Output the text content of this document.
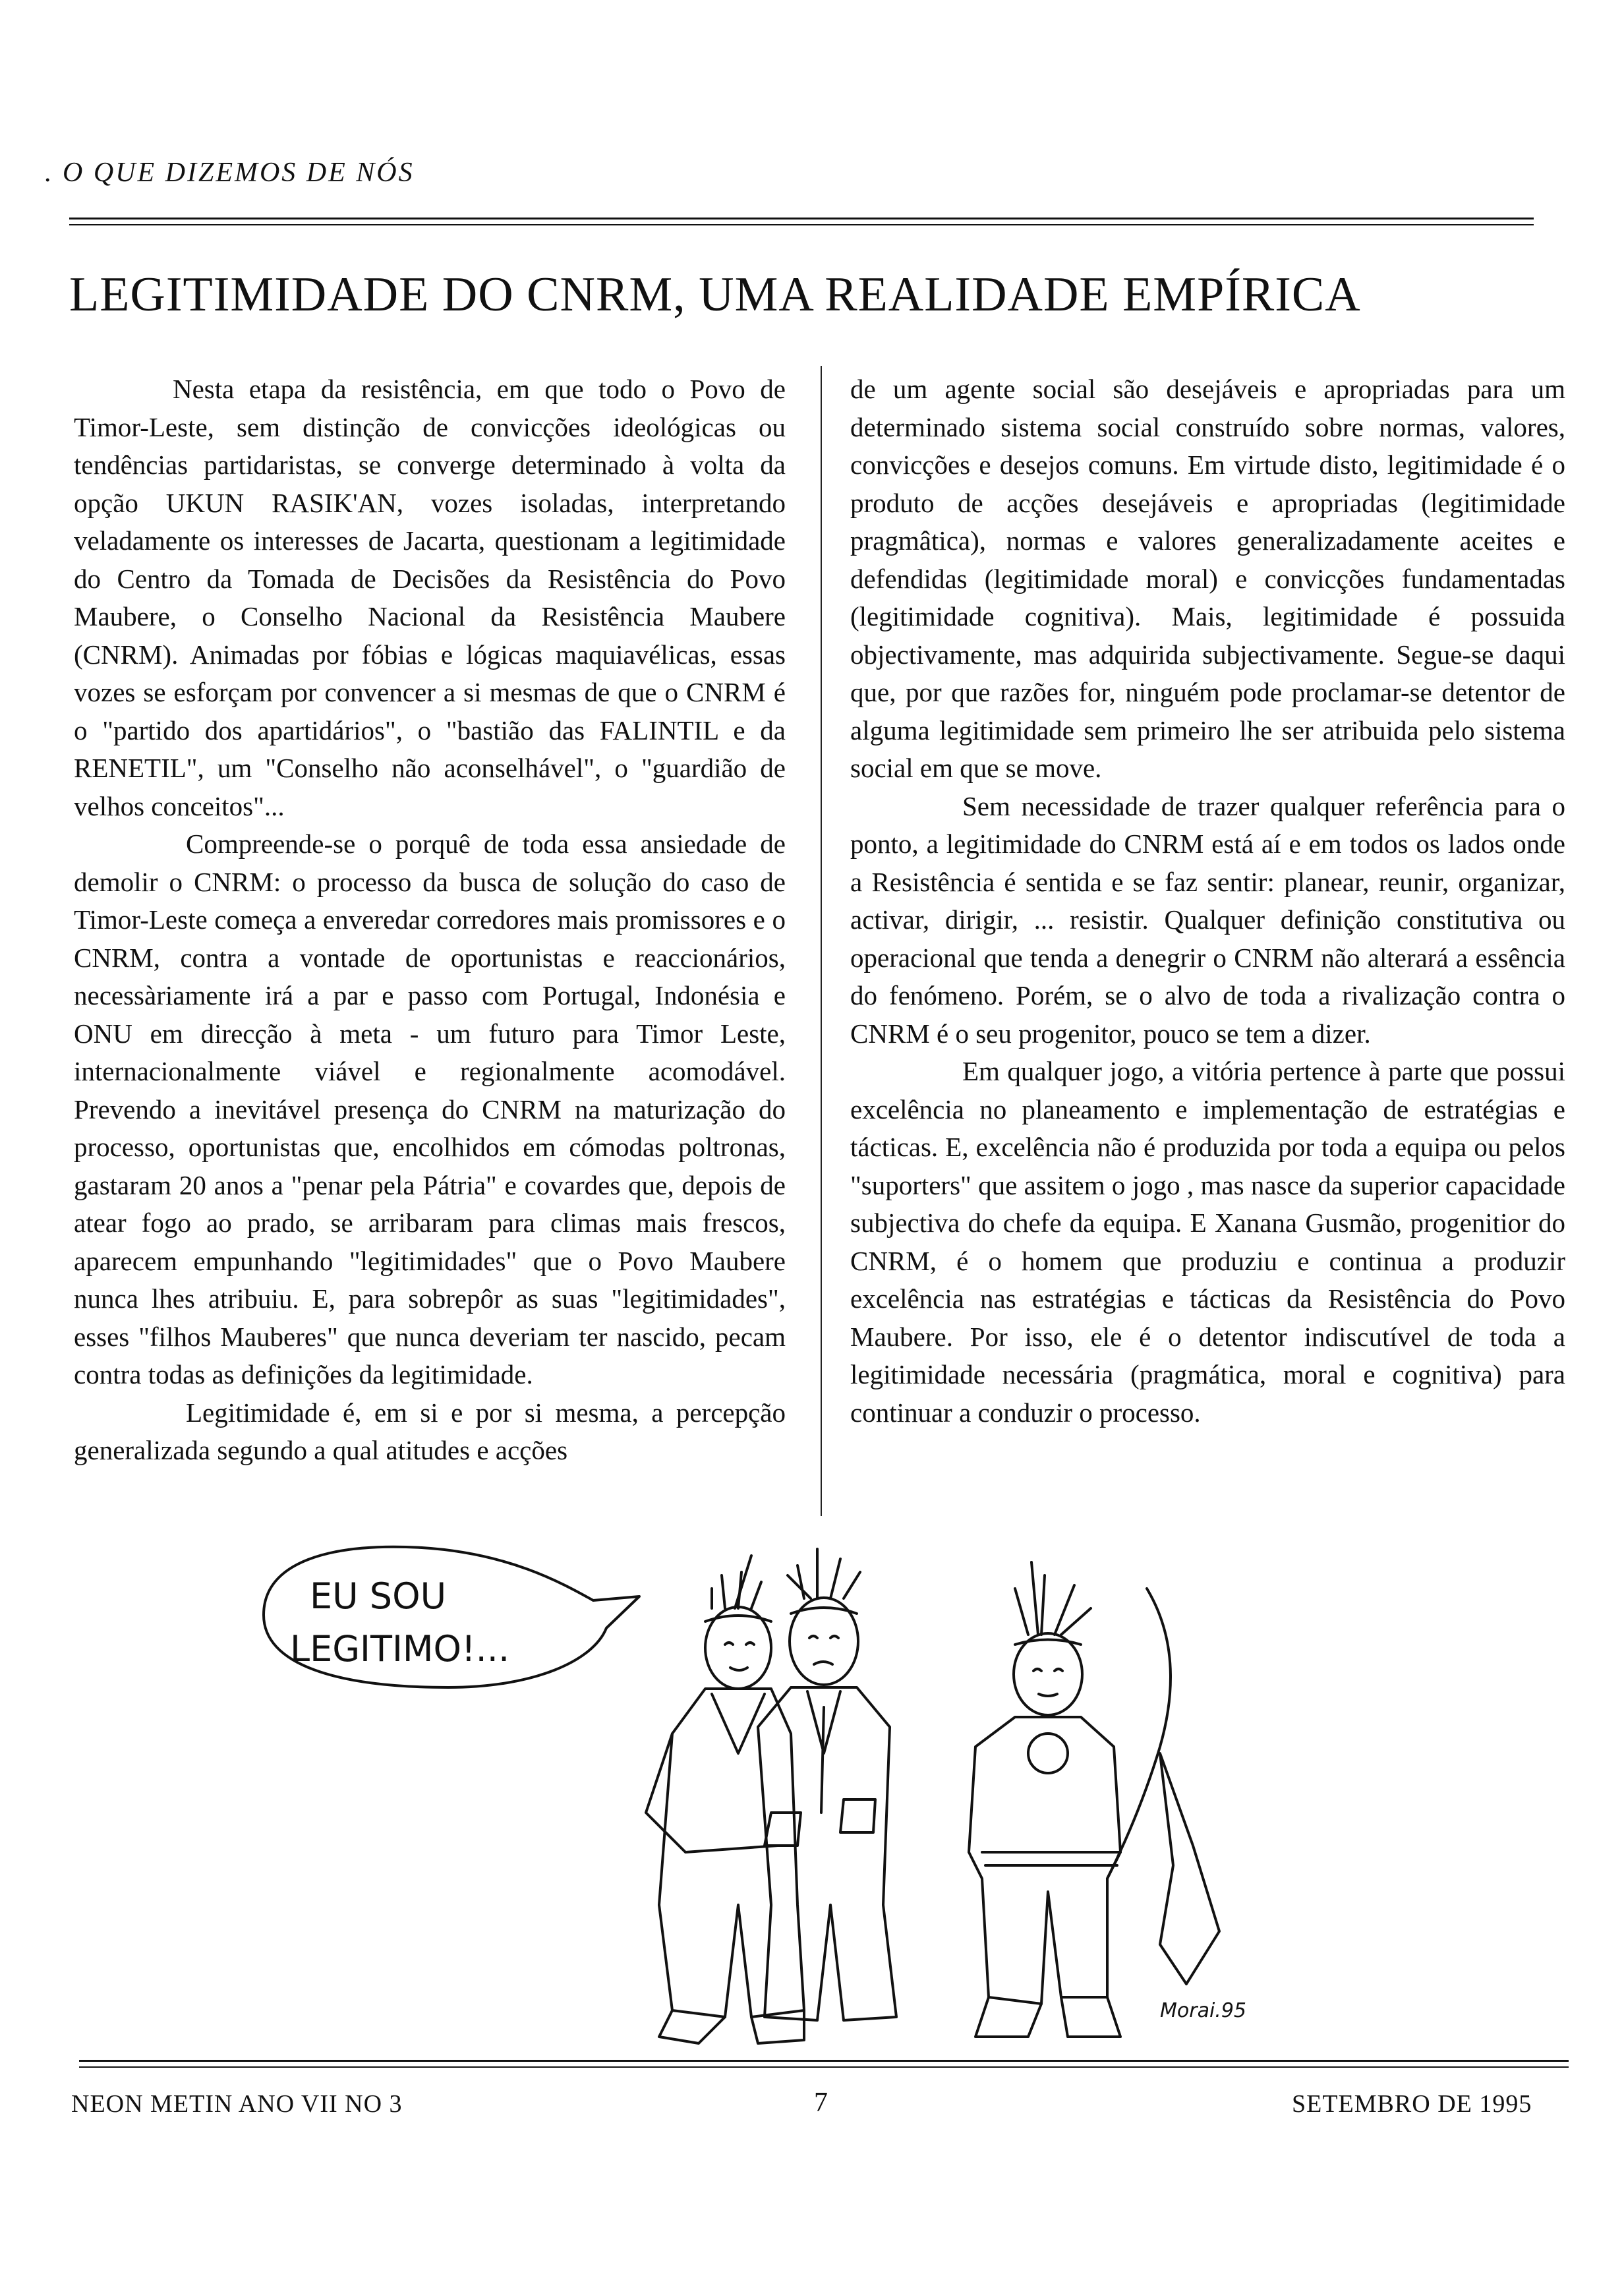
. O QUE DIZEMOS DE NÓS
LEGITIMIDADE DO CNRM, UMA REALIDADE EMPÍRICA

Nesta etapa da resistência, em que todo o Povo de Timor-Leste, sem distinção de convicções ideológicas ou tendências partidaristas, se converge determinado à volta da opção UKUN RASIK'AN, vozes isoladas, interpretando veladamente os interesses de Jacarta, questionam a legitimidade do Centro da Tomada de Decisões da Resistência do Povo Maubere, o Conselho Nacional da Resistência Maubere (CNRM). Animadas por fóbias e lógicas maquiavélicas, essas vozes se esforçam por convencer a si mesmas de que o CNRM é o "partido dos apartidários", o "bastião das FALINTIL e da RENETIL", um "Conselho não aconselhável", o "guardião de velhos conceitos"...

Compreende-se o porquê de toda essa ansiedade de demolir o CNRM: o processo da busca de solução do caso de Timor-Leste começa a enveredar corredores mais promissores e o CNRM, contra a vontade de oportunistas e reaccionários, necessàriamente irá a par e passo com Portugal, Indonésia e ONU em direcção à meta - um futuro para Timor Leste, internacionalmente viável e regionalmente acomodável. Prevendo a inevitável presença do CNRM na maturização do processo, oportunistas que, encolhidos em cómodas poltronas, gastaram 20 anos a "penar pela Pátria" e covardes que, depois de atear fogo ao prado, se arribaram para climas mais frescos, aparecem empunhando "legitimidades" que o Povo Maubere nunca lhes atribuiu. E, para sobrepôr as suas "legitimidades", esses "filhos Mauberes" que nunca deveriam ter nascido, pecam contra todas as definições da legitimidade.

Legitimidade é, em si e por si mesma, a percepção generalizada segundo a qual atitudes e acções

de um agente social são desejáveis e apropriadas para um determinado sistema social construído sobre normas, valores, convicções e desejos comuns. Em virtude disto, legitimidade é o produto de acções desejáveis e apropriadas (legitimidade pragmâtica), normas e valores generalizadamente aceites e defendidas (legitimidade moral) e convicções fundamentadas (legitimidade cognitiva). Mais, legitimidade é possuida objectivamente, mas adquirida subjectivamente. Segue-se daqui que, por que razões for, ninguém pode proclamar-se detentor de alguma legitimidade sem primeiro lhe ser atribuida pelo sistema social em que se move.

Sem necessidade de trazer qualquer referência para o ponto, a legitimidade do CNRM está aí e em todos os lados onde a Resistência é sentida e se faz sentir: planear, reunir, organizar, activar, dirigir, ... resistir. Qualquer definição constitutiva ou operacional que tenda a denegrir o CNRM não alterará a essência do fenómeno. Porém, se o alvo de toda a rivalização contra o CNRM é o seu progenitor, pouco se tem a dizer.

Em qualquer jogo, a vitória pertence à parte que possui excelência no planeamento e implementação de estratégias e tácticas. E, excelência não é produzida por toda a equipa ou pelos "suporters" que assitem o jogo , mas nasce da superior capacidade subjectiva do chefe da equipa. E Xanana Gusmão, progenitior do CNRM, é o homem que produziu e continua a produzir excelência nas estratégias e tácticas da Resistência do Povo Maubere. Por isso, ele é o detentor indiscutível de toda a legitimidade necessária (pragmática, moral e cognitiva) para continuar a conduzir o processo.

EU SOU
LEGITIMO!...
Morai.95
NEON METIN ANO VII NO 3	7	SETEMBRO DE 1995
